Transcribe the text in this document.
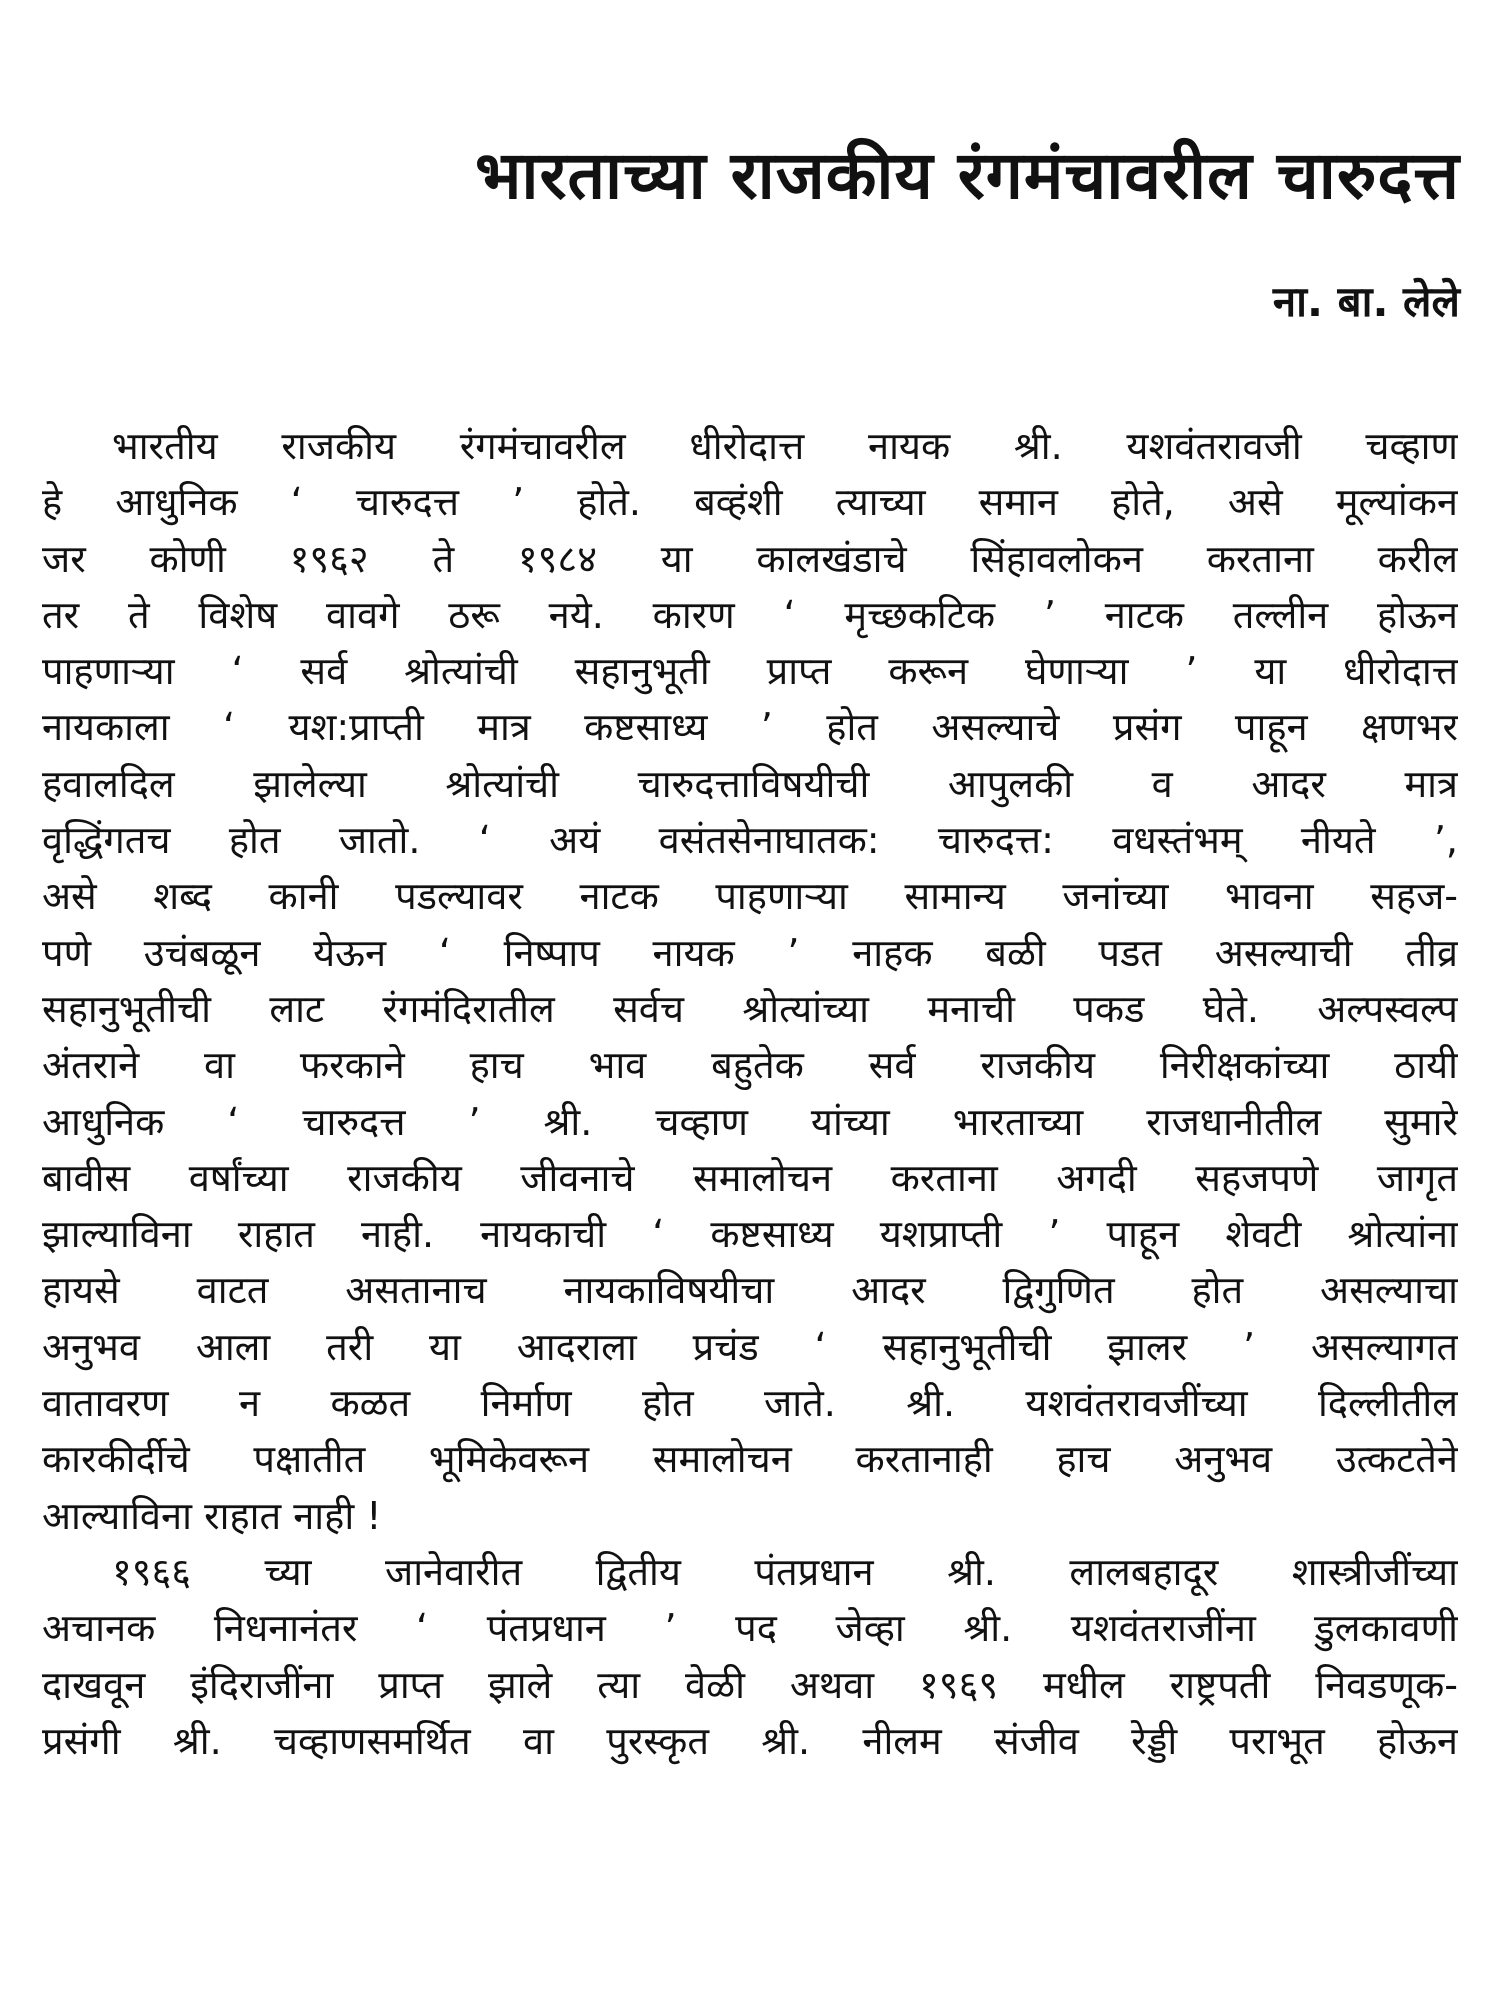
भारताच्या राजकीय रंगमंचावरील चारुदत्त
ना. बा. लेले
भारतीय राजकीय रंगमंचावरील धीरोदात्त नायक श्री. यशवंतरावजी चव्हाण
हे आधुनिक ‘ चारुदत्त ’ होते. बव्हंशी त्याच्या समान होते, असे मूल्यांकन
जर कोणी १९६२ ते १९८४ या कालखंडाचे सिंहावलोकन करताना करील
तर ते विशेष वावगे ठरू नये. कारण ‘ मृच्छकटिक ’ नाटक तल्लीन होऊन
पाहणाऱ्या ‘ सर्व श्रोत्यांची सहानुभूती प्राप्त करून घेणाऱ्या ’ या धीरोदात्त
नायकाला ‘ यश:प्राप्ती मात्र कष्टसाध्य ’ होत असल्याचे प्रसंग पाहून क्षणभर
हवालदिल झालेल्या श्रोत्यांची चारुदत्ताविषयीची आपुलकी व आदर मात्र
वृद्धिंगतच होत जातो. ‘ अयं वसंतसेनाघातक: चारुदत्त: वधस्तंभम् नीयते ’,
असे शब्द कानी पडल्यावर नाटक पाहणाऱ्या सामान्य जनांच्या भावना सहज-
पणे उचंबळून येऊन ‘ निष्पाप नायक ’ नाहक बळी पडत असल्याची तीव्र
सहानुभूतीची लाट रंगमंदिरातील सर्वच श्रोत्यांच्या मनाची पकड घेते. अल्पस्वल्प
अंतराने वा फरकाने हाच भाव बहुतेक सर्व राजकीय निरीक्षकांच्या ठायी
आधुनिक ‘ चारुदत्त ’ श्री. चव्हाण यांच्या भारताच्या राजधानीतील सुमारे
बावीस वर्षांच्या राजकीय जीवनाचे समालोचन करताना अगदी सहजपणे जागृत
झाल्याविना राहात नाही. नायकाची ‘ कष्टसाध्य यशप्राप्ती ’ पाहून शेवटी श्रोत्यांना
हायसे वाटत असतानाच नायकाविषयीचा आदर द्विगुणित होत असल्याचा
अनुभव आला तरी या आदराला प्रचंड ‘ सहानुभूतीची झालर ’ असल्यागत
वातावरण न कळत निर्माण होत जाते. श्री. यशवंतरावजींच्या दिल्लीतील
कारकीर्दीचे पक्षातीत भूमिकेवरून समालोचन करतानाही हाच अनुभव उत्कटतेने
आल्याविना राहात नाही !
१९६६ च्या जानेवारीत द्वितीय पंतप्रधान श्री. लालबहादूर शास्त्रीजींच्या
अचानक निधनानंतर ‘ पंतप्रधान ’ पद जेव्हा श्री. यशवंतराजींना डुलकावणी
दाखवून इंदिराजींना प्राप्त झाले त्या वेळी अथवा १९६९ मधील राष्ट्रपती निवडणूक-
प्रसंगी श्री. चव्हाणसमर्थित वा पुरस्कृत श्री. नीलम संजीव रेड्डी पराभूत होऊन
